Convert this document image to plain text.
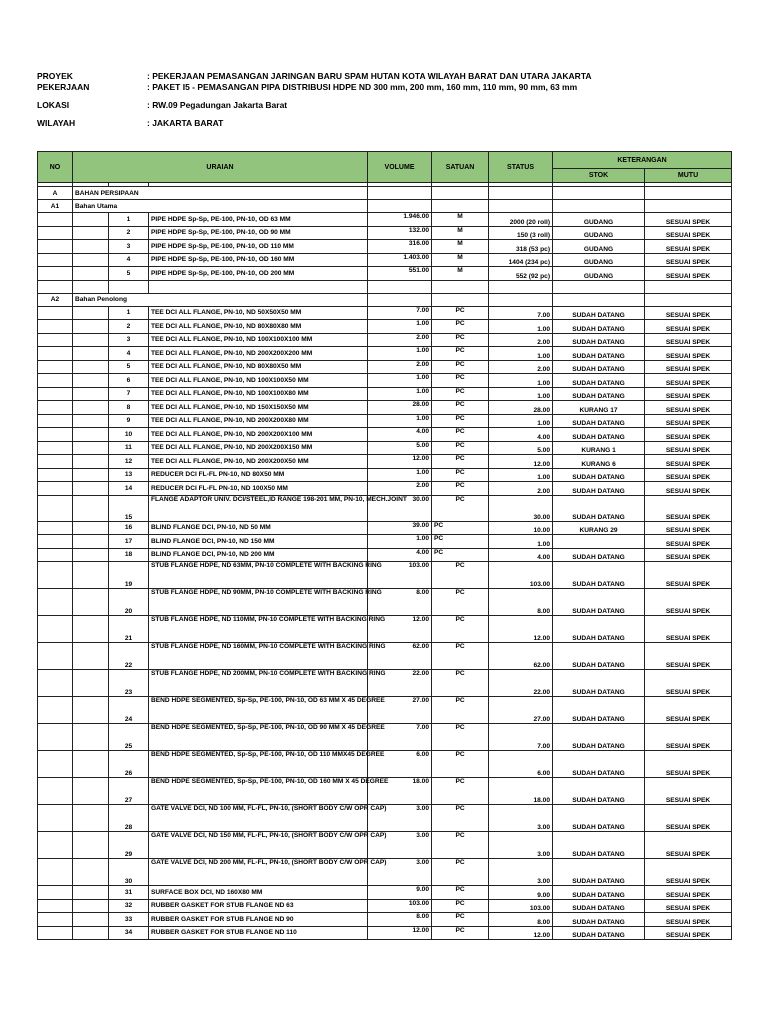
PROYEK	: PEKERJAAN PEMASANGAN JARINGAN BARU SPAM HUTAN KOTA WILAYAH BARAT DAN UTARA JAKARTA
PEKERJAAN	: PAKET I5 - PEMASANGAN PIPA DISTRIBUSI HDPE ND 300 mm, 200 mm, 160 mm, 110 mm, 90 mm, 63 mm
LOKASI	: RW.09 Pegadungan Jakarta Barat
WILAYAH	: JAKARTA BARAT
NO	URAIAN			VOLUME	SATUAN	STATUS	KETERANGAN	
							STOK	MUTU

A	BAHAN PERSIPAAN							
A1	Bahan Utama							
		1	PIPE HDPE Sp-Sp, PE-100, PN-10, OD 63 MM	1.946.00	M	2000 (20 roll)	GUDANG	SESUAI SPEK
		2	PIPE HDPE Sp-Sp, PE-100, PN-10, OD 90 MM	132.00	M	150 (3 roll)	GUDANG	SESUAI SPEK
		3	PIPE HDPE Sp-Sp, PE-100, PN-10, OD 110 MM	316.00	M	318 (53 pc)	GUDANG	SESUAI SPEK
		4	PIPE HDPE Sp-Sp, PE-100, PN-10, OD 160 MM	1.403.00	M	1404 (234 pc)	GUDANG	SESUAI SPEK
		5	PIPE HDPE Sp-Sp, PE-100, PN-10, OD 200 MM	551.00	M	552 (92 pc)	GUDANG	SESUAI SPEK

A2	Bahan Penolong							
		1	TEE DCI ALL FLANGE, PN-10, ND 50X50X50 MM	7.00	PC	7.00	SUDAH DATANG	SESUAI SPEK
		2	TEE DCI ALL FLANGE, PN-10, ND 80X80X80 MM	1.00	PC	1.00	SUDAH DATANG	SESUAI SPEK
		3	TEE DCI ALL FLANGE, PN-10, ND 100X100X100 MM	2.00	PC	2.00	SUDAH DATANG	SESUAI SPEK
		4	TEE DCI ALL FLANGE, PN-10, ND 200X200X200 MM	1.00	PC	1.00	SUDAH DATANG	SESUAI SPEK
		5	TEE DCI ALL FLANGE, PN-10, ND 80X80X50 MM	2.00	PC	2.00	SUDAH DATANG	SESUAI SPEK
		6	TEE DCI ALL FLANGE, PN-10, ND 100X100X50 MM	1.00	PC	1.00	SUDAH DATANG	SESUAI SPEK
		7	TEE DCI ALL FLANGE, PN-10, ND 100X100X80 MM	1.00	PC	1.00	SUDAH DATANG	SESUAI SPEK
		8	TEE DCI ALL FLANGE, PN-10, ND 150X150X50 MM	28.00	PC	28.00	KURANG 17	SESUAI SPEK
		9	TEE DCI ALL FLANGE, PN-10, ND 200X200X80 MM	1.00	PC	1.00	SUDAH DATANG	SESUAI SPEK
		10	TEE DCI ALL FLANGE, PN-10, ND 200X200X100 MM	4.00	PC	4.00	SUDAH DATANG	SESUAI SPEK
		11	TEE DCI ALL FLANGE, PN-10, ND 200X200X150 MM	5.00	PC	5.00	KURANG 1	SESUAI SPEK
		12	TEE DCI ALL FLANGE, PN-10, ND 200X200X50 MM	12.00	PC	12.00	KURANG 6	SESUAI SPEK
		13	REDUCER DCI FL-FL PN-10, ND 80X50 MM	1.00	PC	1.00	SUDAH DATANG	SESUAI SPEK
		14	REDUCER DCI FL-FL PN-10, ND 100X50 MM	2.00	PC	2.00	SUDAH DATANG	SESUAI SPEK
		15	FLANGE ADAPTOR UNIV. DCI/STEEL,ID RANGE 198-201 MM, PN-10, MECH.JOINT	30.00	PC	30.00	SUDAH DATANG	SESUAI SPEK
		16	BLIND FLANGE DCI, PN-10, ND 50 MM	39.00	PC	10.00	KURANG 29	SESUAI SPEK
		17	BLIND FLANGE DCI, PN-10, ND 150 MM	1.00	PC	1.00		SESUAI SPEK
		18	BLIND FLANGE DCI, PN-10, ND 200 MM	4.00	PC	4.00	SUDAH DATANG	SESUAI SPEK
		19	STUB FLANGE HDPE, ND 63MM, PN-10 COMPLETE WITH BACKING RING	103.00	PC	103.00	SUDAH DATANG	SESUAI SPEK
		20	STUB FLANGE HDPE, ND 90MM, PN-10 COMPLETE WITH BACKING RING	8.00	PC	8.00	SUDAH DATANG	SESUAI SPEK
		21	STUB FLANGE HDPE, ND 110MM, PN-10 COMPLETE WITH BACKING RING	12.00	PC	12.00	SUDAH DATANG	SESUAI SPEK
		22	STUB FLANGE HDPE, ND 160MM, PN-10 COMPLETE WITH BACKING RING	62.00	PC	62.00	SUDAH DATANG	SESUAI SPEK
		23	STUB FLANGE HDPE, ND 200MM, PN-10 COMPLETE WITH BACKING RING	22.00	PC	22.00	SUDAH DATANG	SESUAI SPEK
		24	BEND HDPE SEGMENTED, Sp-Sp, PE-100, PN-10, OD 63 MM X 45 DEGREE	27.00	PC	27.00	SUDAH DATANG	SESUAI SPEK
		25	BEND HDPE SEGMENTED, Sp-Sp, PE-100, PN-10, OD 90 MM X 45 DEGREE	7.00	PC	7.00	SUDAH DATANG	SESUAI SPEK
		26	BEND HDPE SEGMENTED, Sp-Sp, PE-100, PN-10, OD 110 MMX45 DEGREE	6.00	PC	6.00	SUDAH DATANG	SESUAI SPEK
		27	BEND HDPE SEGMENTED, Sp-Sp, PE-100, PN-10, OD 160 MM X 45 DEGREE	18.00	PC	18.00	SUDAH DATANG	SESUAI SPEK
		28	GATE VALVE DCI, ND 100 MM, FL-FL, PN-10, (SHORT BODY C/W OPR CAP)	3.00	PC	3.00	SUDAH DATANG	SESUAI SPEK
		29	GATE VALVE DCI, ND 150 MM, FL-FL, PN-10, (SHORT BODY C/W OPR CAP)	3.00	PC	3.00	SUDAH DATANG	SESUAI SPEK
		30	GATE VALVE DCI, ND 200 MM, FL-FL, PN-10, (SHORT BODY C/W OPR CAP)	3.00	PC	3.00	SUDAH DATANG	SESUAI SPEK
		31	SURFACE BOX DCI, ND 160X80 MM	9.00	PC	9.00	SUDAH DATANG	SESUAI SPEK
		32	RUBBER GASKET FOR STUB FLANGE ND 63	103.00	PC	103.00	SUDAH DATANG	SESUAI SPEK
		33	RUBBER GASKET FOR STUB FLANGE ND 90	8.00	PC	8.00	SUDAH DATANG	SESUAI SPEK
		34	RUBBER GASKET FOR STUB FLANGE ND 110	12.00	PC	12.00	SUDAH DATANG	SESUAI SPEK
